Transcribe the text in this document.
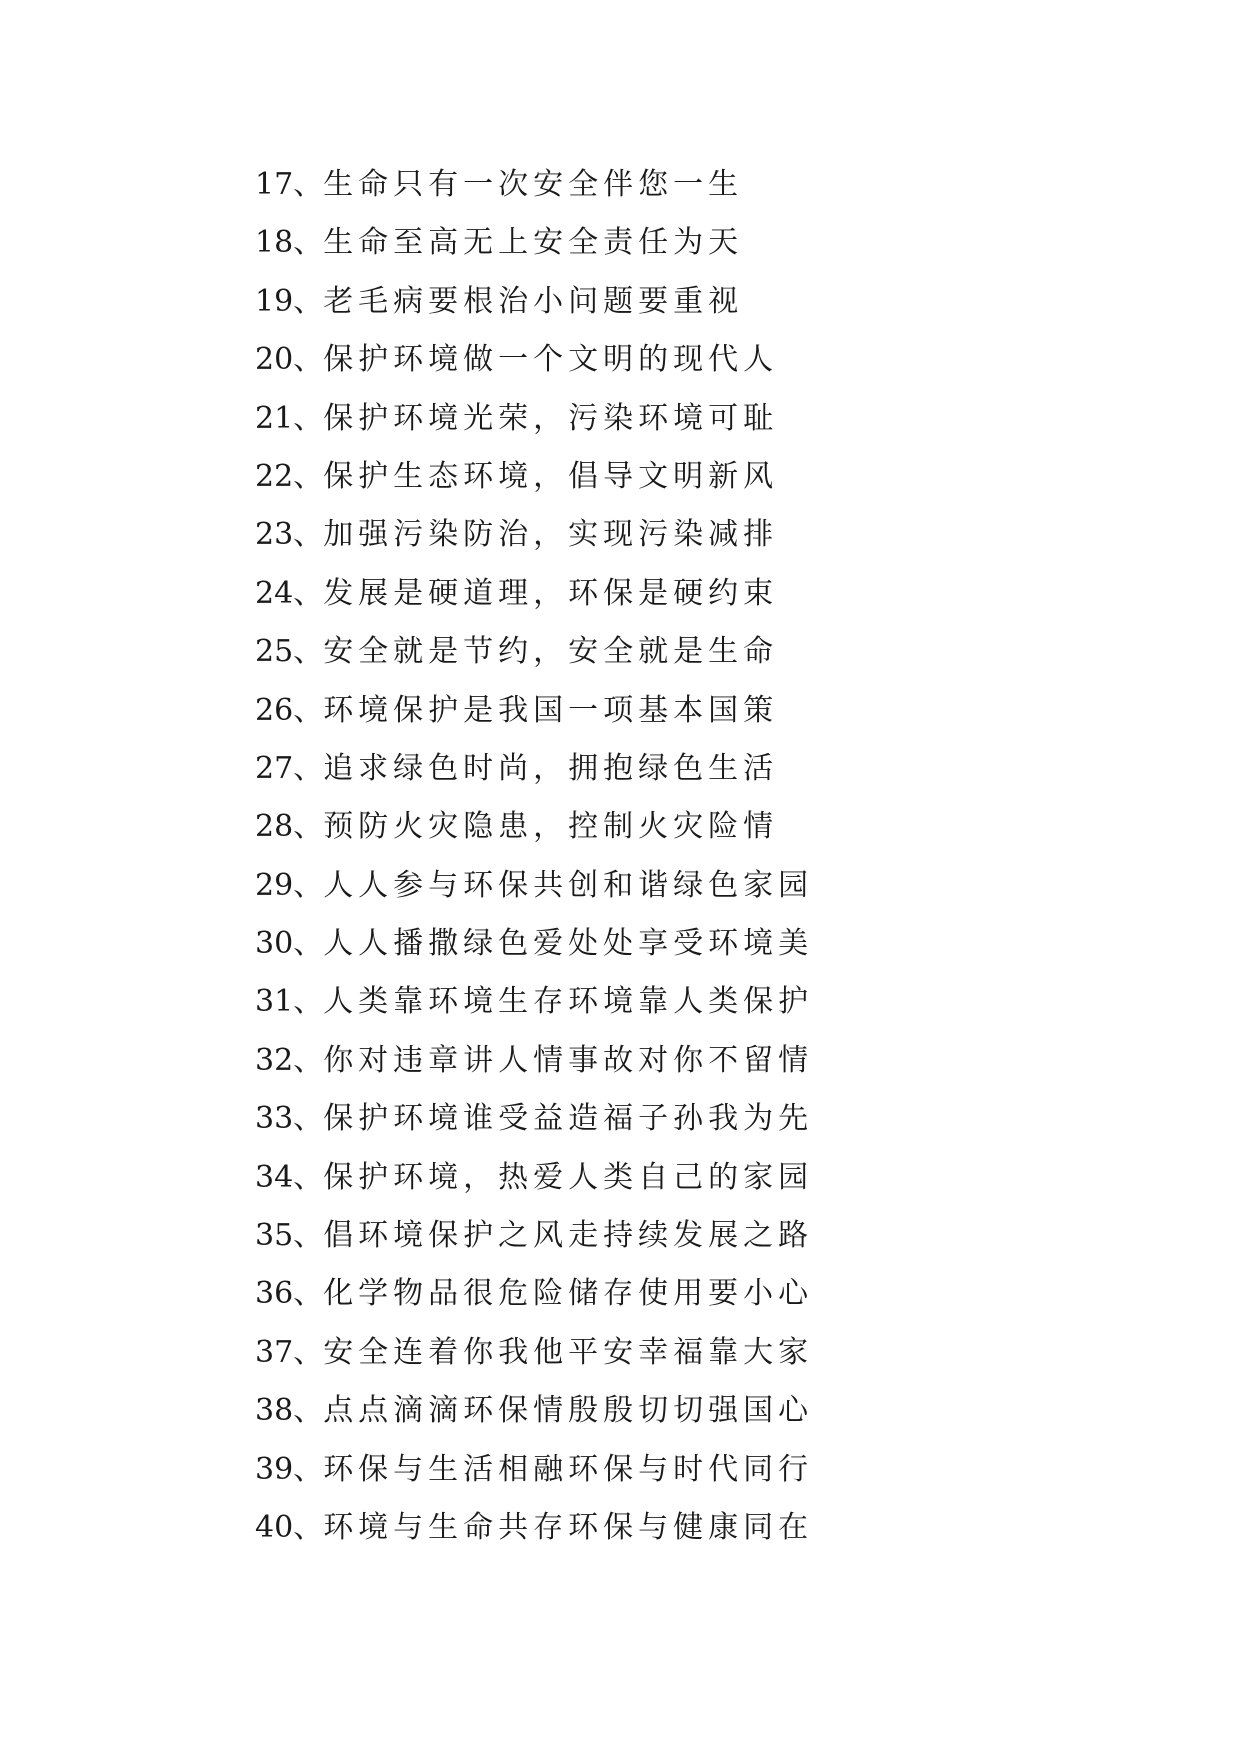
17、生命只有一次安全伴您一生
18、生命至高无上安全责任为天
19、老毛病要根治小问题要重视
20、保护环境做一个文明的现代人
21、保护环境光荣，污染环境可耻
22、保护生态环境，倡导文明新风
23、加强污染防治，实现污染减排
24、发展是硬道理，环保是硬约束
25、安全就是节约，安全就是生命
26、环境保护是我国一项基本国策
27、追求绿色时尚，拥抱绿色生活
28、预防火灾隐患，控制火灾险情
29、人人参与环保共创和谐绿色家园
30、人人播撒绿色爱处处享受环境美
31、人类靠环境生存环境靠人类保护
32、你对违章讲人情事故对你不留情
33、保护环境谁受益造福子孙我为先
34、保护环境，热爱人类自己的家园
35、倡环境保护之风走持续发展之路
36、化学物品很危险储存使用要小心
37、安全连着你我他平安幸福靠大家
38、点点滴滴环保情殷殷切切强国心
39、环保与生活相融环保与时代同行
40、环境与生命共存环保与健康同在
